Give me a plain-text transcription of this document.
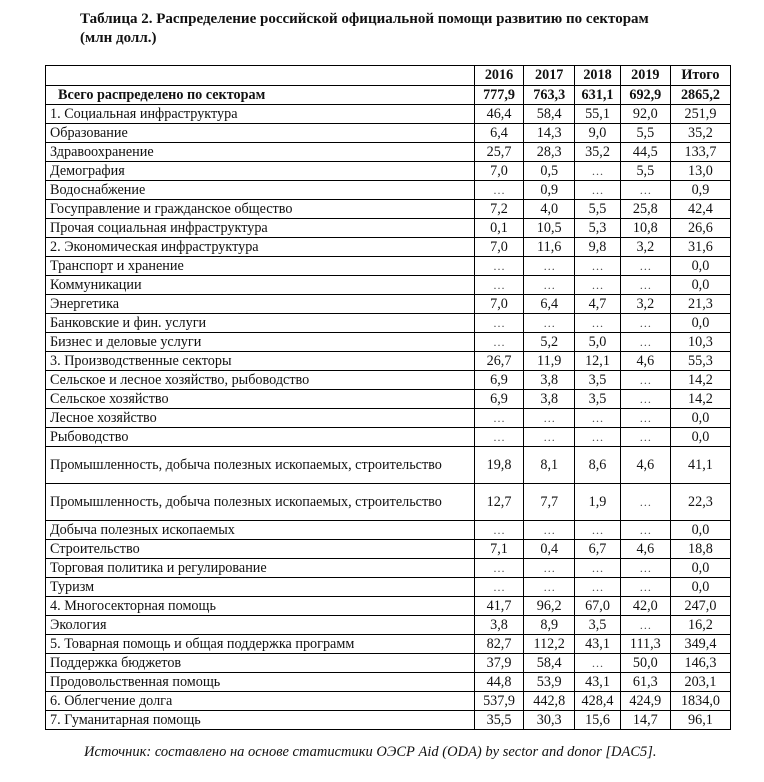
Таблица 2. Распределение российской официальной помощи развитию по секторам
(млн долл.)
	2016	2017	2018	2019	Итого
Всего распределено по секторам	777,9	763,3	631,1	692,9	2865,2
1. Социальная инфраструктура	46,4	58,4	55,1	92,0	251,9
Образование	6,4	14,3	9,0	5,5	35,2
Здравоохранение	25,7	28,3	35,2	44,5	133,7
Демография	7,0	0,5	…	5,5	13,0
Водоснабжение	…	0,9	…	…	0,9
Госуправление и гражданское общество	7,2	4,0	5,5	25,8	42,4
Прочая социальная инфраструктура	0,1	10,5	5,3	10,8	26,6
2. Экономическая инфраструктура	7,0	11,6	9,8	3,2	31,6
Транспорт и хранение	…	…	…	…	0,0
Коммуникации	…	…	…	…	0,0
Энергетика	7,0	6,4	4,7	3,2	21,3
Банковские и фин. услуги	…	…	…	…	0,0
Бизнес и деловые услуги	…	5,2	5,0	…	10,3
3. Производственные секторы	26,7	11,9	12,1	4,6	55,3
Сельское и лесное хозяйство, рыбоводство	6,9	3,8	3,5	…	14,2
Сельское хозяйство	6,9	3,8	3,5	…	14,2
Лесное хозяйство	…	…	…	…	0,0
Рыбоводство	…	…	…	…	0,0
Промышленность, добыча полезных ископаемых, строительство	19,8	8,1	8,6	4,6	41,1
Промышленность, добыча полезных ископаемых, строительство	12,7	7,7	1,9	…	22,3
Добыча полезных ископаемых	…	…	…	…	0,0
Строительство	7,1	0,4	6,7	4,6	18,8
Торговая политика и регулирование	…	…	…	…	0,0
Туризм	…	…	…	…	0,0
4. Многосекторная помощь	41,7	96,2	67,0	42,0	247,0
Экология	3,8	8,9	3,5	…	16,2
5. Товарная помощь и общая поддержка программ	82,7	112,2	43,1	111,3	349,4
Поддержка бюджетов	37,9	58,4	…	50,0	146,3
Продовольственная помощь	44,8	53,9	43,1	61,3	203,1
6. Облегчение долга	537,9	442,8	428,4	424,9	1834,0
7. Гуманитарная помощь	35,5	30,3	15,6	14,7	96,1
Источник: составлено на основе статистики ОЭСР Aid (ODA) by sector and donor [DAC5].
